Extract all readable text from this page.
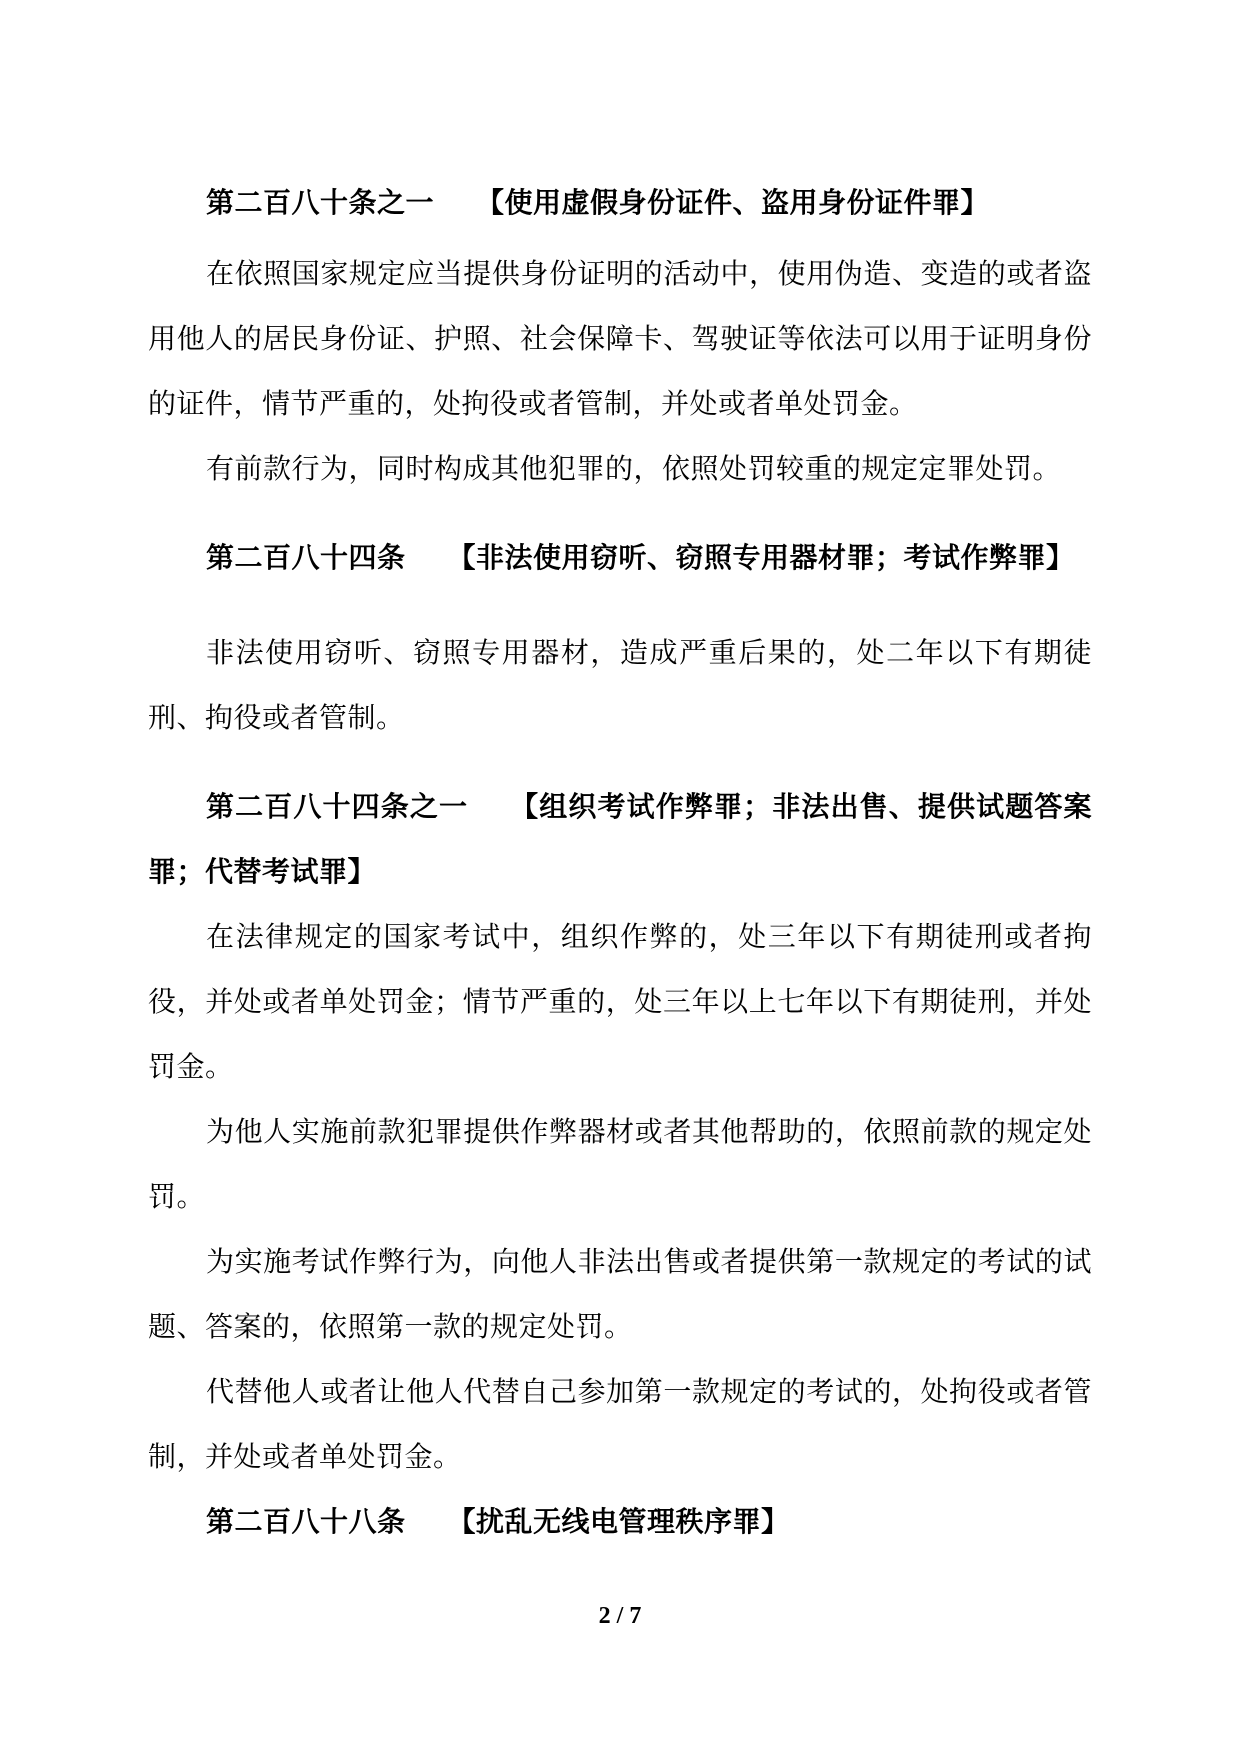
第二百八十条之一 【使用虚假身份证件、盗用身份证件罪】

在依照国家规定应当提供身份证明的活动中，使用伪造、变造的或者盗用他人的居民身份证、护照、社会保障卡、驾驶证等依法可以用于证明身份的证件，情节严重的，处拘役或者管制，并处或者单处罚金。

有前款行为，同时构成其他犯罪的，依照处罚较重的规定定罪处罚。

第二百八十四条 【非法使用窃听、窃照专用器材罪；考试作弊罪】

非法使用窃听、窃照专用器材，造成严重后果的，处二年以下有期徒刑、拘役或者管制。

第二百八十四条之一 【组织考试作弊罪；非法出售、提供试题答案罪；代替考试罪】

在法律规定的国家考试中，组织作弊的，处三年以下有期徒刑或者拘役，并处或者单处罚金；情节严重的，处三年以上七年以下有期徒刑，并处罚金。

为他人实施前款犯罪提供作弊器材或者其他帮助的，依照前款的规定处罚。

为实施考试作弊行为，向他人非法出售或者提供第一款规定的考试的试题、答案的，依照第一款的规定处罚。

代替他人或者让他人代替自己参加第一款规定的考试的，处拘役或者管制，并处或者单处罚金。

第二百八十八条 【扰乱无线电管理秩序罪】

2 / 7
